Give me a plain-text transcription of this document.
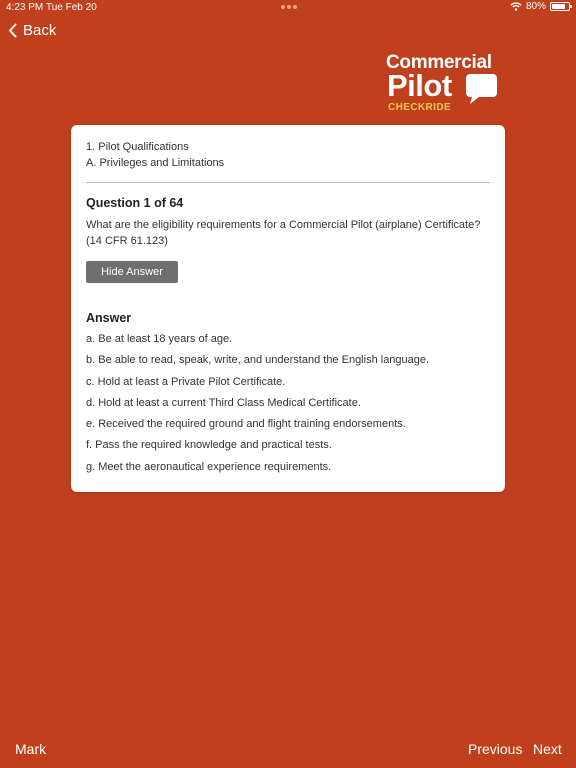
4:23 PM Tue Feb 20	80%
Back
Commercial
Pilot
CHECKRIDE
1. Pilot Qualifications
A. Privileges and Limitations
Question 1 of 64
What are the eligibility requirements for a Commercial Pilot (airplane) Certificate? (14 CFR 61.123)
Hide Answer
Answer
a. Be at least 18 years of age.
b. Be able to read, speak, write, and understand the English language.
c. Hold at least a Private Pilot Certificate.
d. Hold at least a current Third Class Medical Certificate.
e. Received the required ground and flight training endorsements.
f. Pass the required knowledge and practical tests.
g. Meet the aeronautical experience requirements.
Mark	Previous Next
